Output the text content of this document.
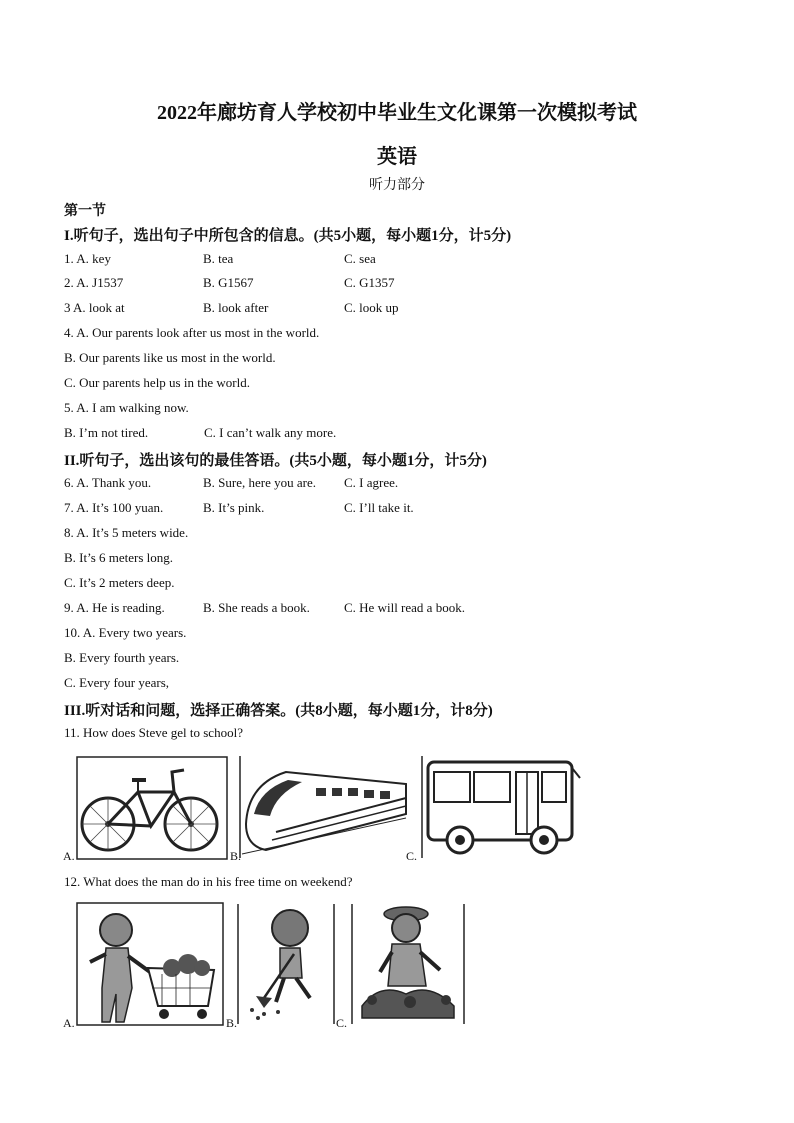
2022年廊坊育人学校初中毕业生文化课第一次模拟考试
英语
听力部分
第一节
I.听句子，选出句子中所包含的信息。(共5小题，每小题1分，计5分)
1. A. key	B. tea	C. sea
2. A. J1537	B. G1567	C. G1357
3 A. look at	B. look after	C. look up
4. A. Our parents look after us most in the world.
B. Our parents like us most in the world.
C. Our parents help us in the world.
5. A. I am walking now.
B. I’m not tired.	C. I can’t walk any more.
II.听句子，选出该句的最佳答语。(共5小题，每小题1分，计5分)
6. A. Thank you.	B. Sure, here you are. C. I agree.
7. A. It’s 100 yuan.	B. It’s pink.	C. I’ll take it.
8. A. It’s 5 meters wide.
B. It’s 6 meters long.
C. It’s 2 meters deep.
9. A. He is reading.	B. She reads a book.	C. He will read a book.
10. A. Every two years.
B. Every fourth years.
C. Every four years,
III.听对话和问题，选择正确答案。(共8小题，每小题1分，计8分)
11. How does Steve gel to school?
A.	B.	C.
12. What does the man do in his free time on weekend?
A.	B.	C.
